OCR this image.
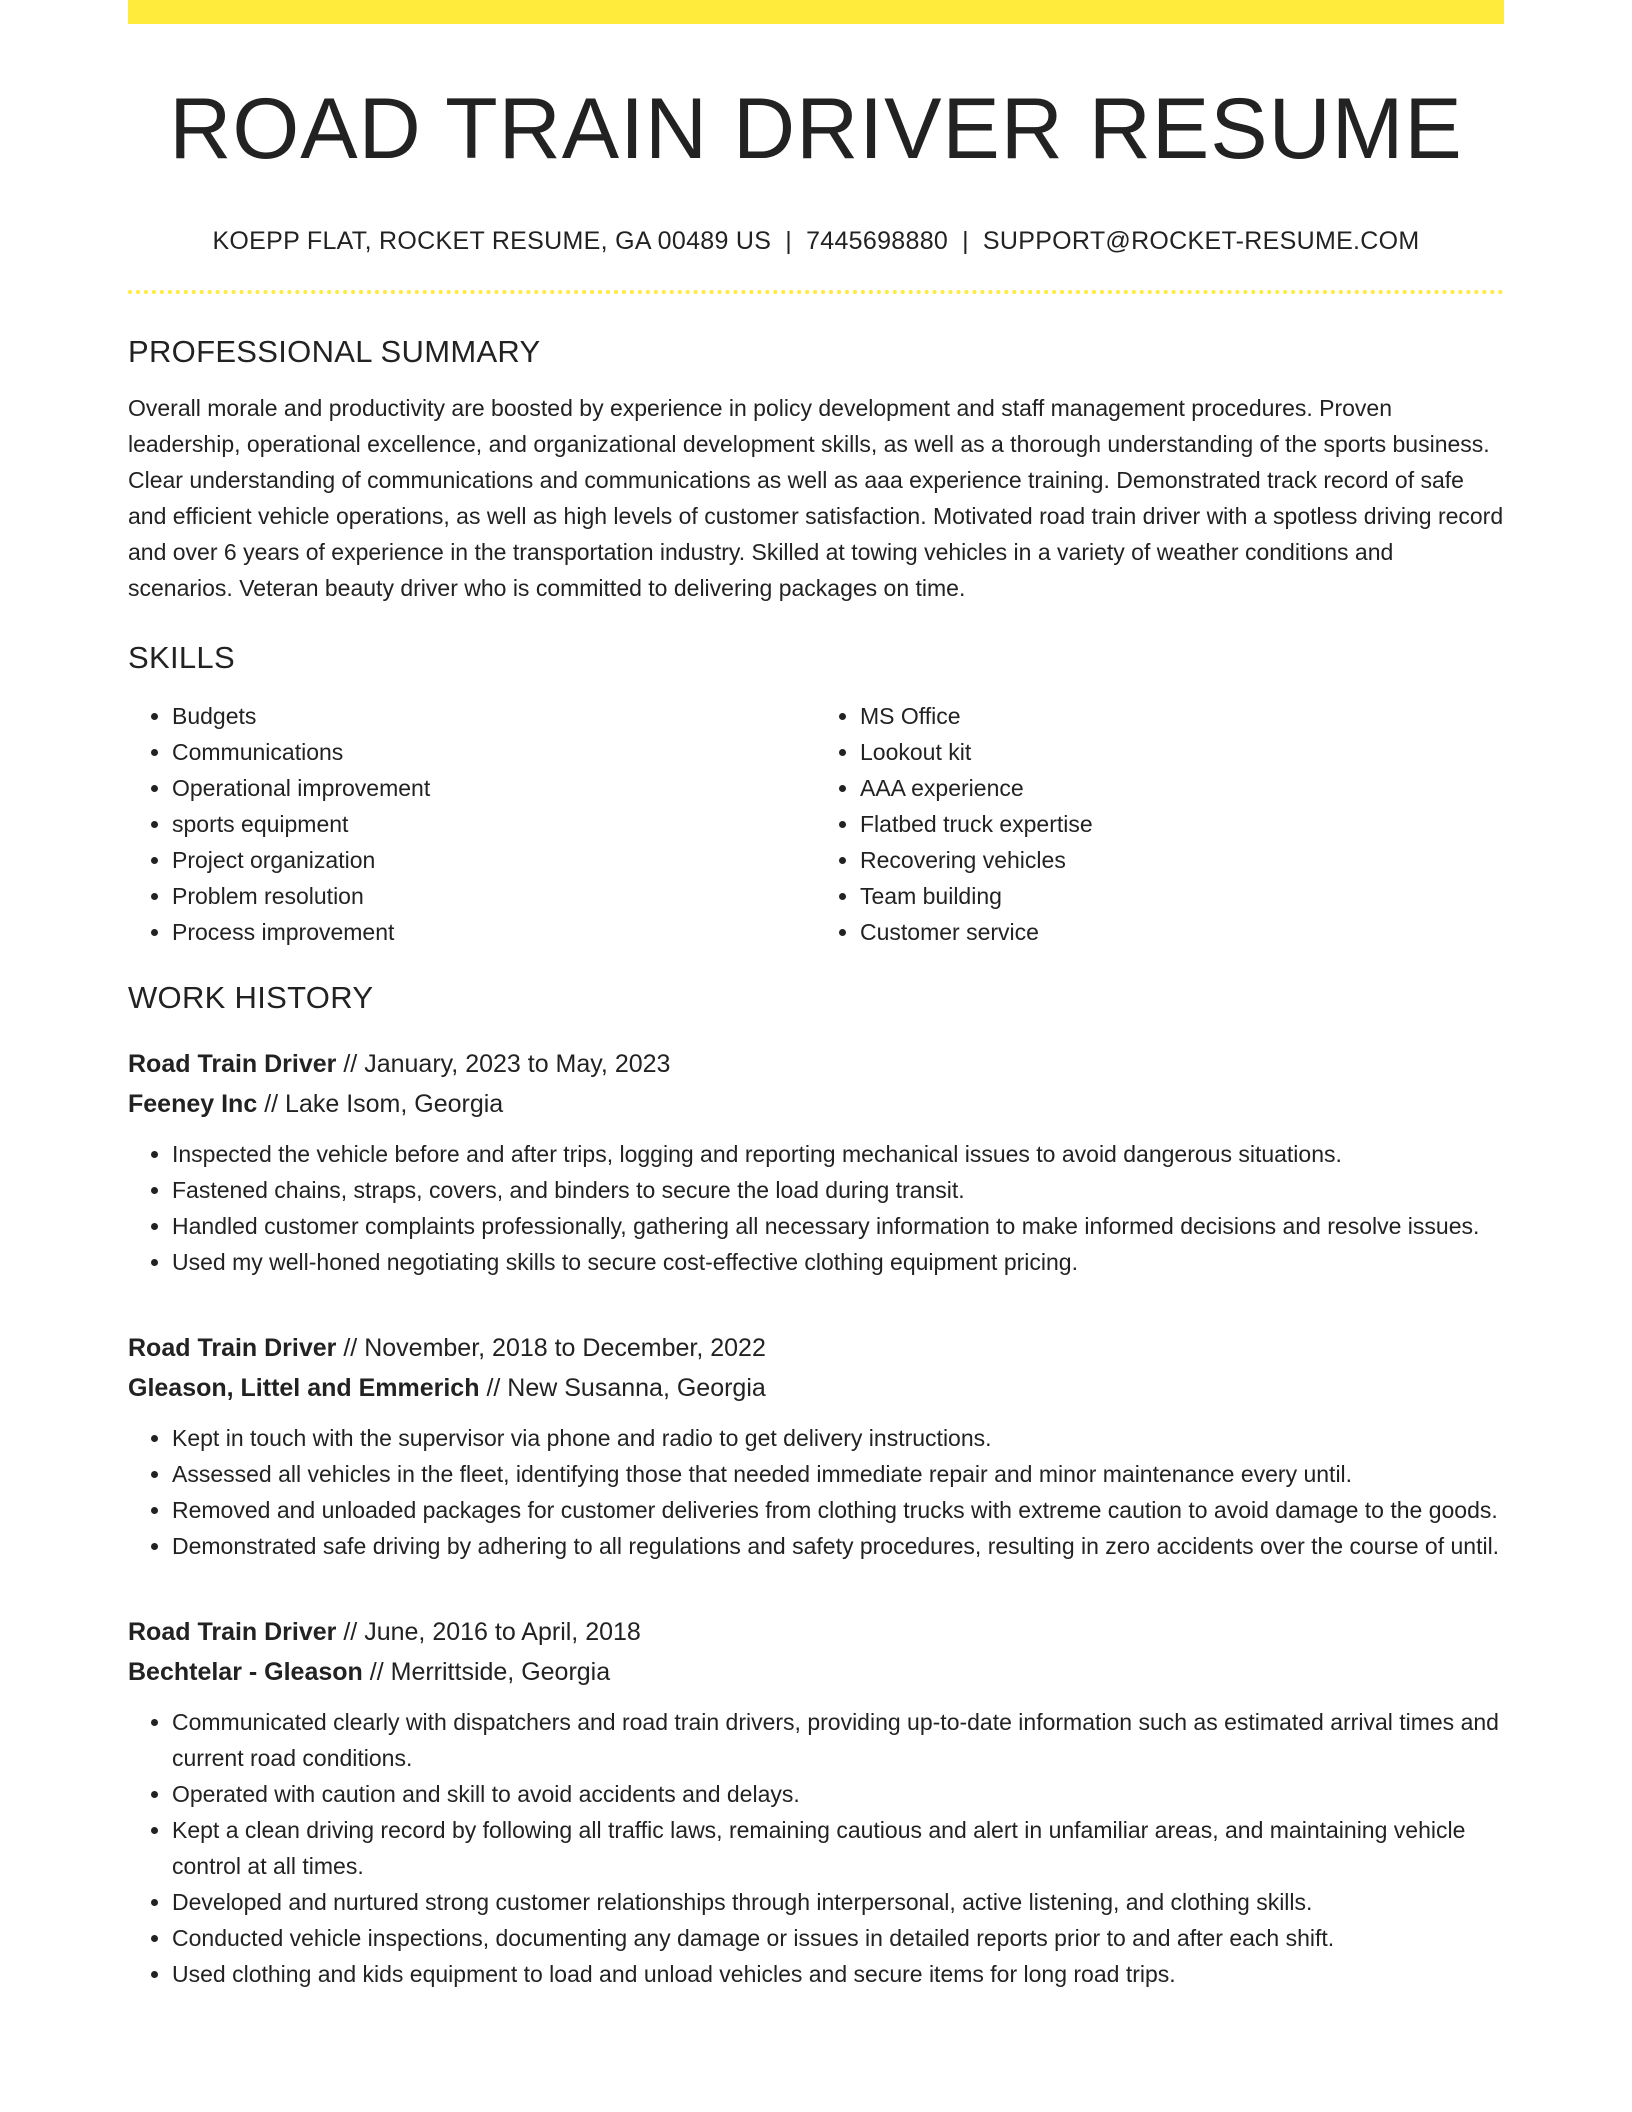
ROAD TRAIN DRIVER RESUME
KOEPP FLAT, ROCKET RESUME, GA 00489 US | 7445698880 | SUPPORT@ROCKET-RESUME.COM
PROFESSIONAL SUMMARY
Overall morale and productivity are boosted by experience in policy development and staff management procedures. Proven leadership, operational excellence, and organizational development skills, as well as a thorough understanding of the sports business. Clear understanding of communications and communications as well as aaa experience training. Demonstrated track record of safe and efficient vehicle operations, as well as high levels of customer satisfaction. Motivated road train driver with a spotless driving record and over 6 years of experience in the transportation industry. Skilled at towing vehicles in a variety of weather conditions and scenarios. Veteran beauty driver who is committed to delivering packages on time.
SKILLS
• Budgets
• Communications
• Operational improvement
• sports equipment
• Project organization
• Problem resolution
• Process improvement
• MS Office
• Lookout kit
• AAA experience
• Flatbed truck expertise
• Recovering vehicles
• Team building
• Customer service
WORK HISTORY
Road Train Driver // January, 2023 to May, 2023
Feeney Inc // Lake Isom, Georgia
• Inspected the vehicle before and after trips, logging and reporting mechanical issues to avoid dangerous situations.
• Fastened chains, straps, covers, and binders to secure the load during transit.
• Handled customer complaints professionally, gathering all necessary information to make informed decisions and resolve issues.
• Used my well-honed negotiating skills to secure cost-effective clothing equipment pricing.
Road Train Driver // November, 2018 to December, 2022
Gleason, Littel and Emmerich // New Susanna, Georgia
• Kept in touch with the supervisor via phone and radio to get delivery instructions.
• Assessed all vehicles in the fleet, identifying those that needed immediate repair and minor maintenance every until.
• Removed and unloaded packages for customer deliveries from clothing trucks with extreme caution to avoid damage to the goods.
• Demonstrated safe driving by adhering to all regulations and safety procedures, resulting in zero accidents over the course of until.
Road Train Driver // June, 2016 to April, 2018
Bechtelar - Gleason // Merrittside, Georgia
• Communicated clearly with dispatchers and road train drivers, providing up-to-date information such as estimated arrival times and current road conditions.
• Operated with caution and skill to avoid accidents and delays.
• Kept a clean driving record by following all traffic laws, remaining cautious and alert in unfamiliar areas, and maintaining vehicle control at all times.
• Developed and nurtured strong customer relationships through interpersonal, active listening, and clothing skills.
• Conducted vehicle inspections, documenting any damage or issues in detailed reports prior to and after each shift.
• Used clothing and kids equipment to load and unload vehicles and secure items for long road trips.
